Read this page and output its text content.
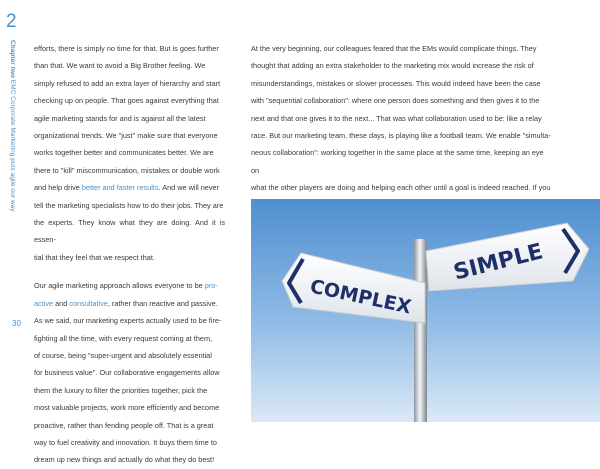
2
Chapter two EMC Corporate Marketing puts agile our way
30

efforts, there is simply no time for that. But is goes further
than that. We want to avoid a Big Brother feeling. We
simply refused to add an extra layer of hierarchy and start
checking up on people. That goes against everything that
agile marketing stands for and is against all the latest
organizational trends. We "just" make sure that everyone
works together better and communicates better. We are
there to "kill" miscommunication, mistakes or double work
and help drive better and faster results. And we will never
tell the marketing specialists how to do their jobs. They are
the experts. They know what they are doing. And it is essen-
tial that they feel that we respect that.

Our agile marketing approach allows everyone to be pro-
active and consultative, rather than reactive and passive.
As we said, our marketing experts actually used to be fire-
fighting all the time, with every request coming at them,
of course, being "super-urgent and absolutely essential
for business value". Our collaborative engagements allow
them the luxury to filter the priorities together, pick the
most valuable projects, work more efficiently and become
proactive, rather than fending people off. That is a great
way to fuel creativity and innovation. It buys them time to
dream up new things and actually do what they do best!

At the very beginning, our colleagues feared that the EMs would complicate things. They
thought that adding an extra stakeholder to the marketing mix would increase the risk of
misunderstandings, mistakes or slower processes. This would indeed have been the case
with "sequential collaboration": where one person does something and then gives it to the
next and that one gives it to the next... That was what collaboration used to be: like a relay
race. But our marketing team, these days, is playing like a football team. We enable "simulta-
neous collaboration": working together in the same place at the same time, keeping an eye on
what the other players are doing and helping each other until a goal is indeed reached. If you

SIMPLE
COMPLEX
